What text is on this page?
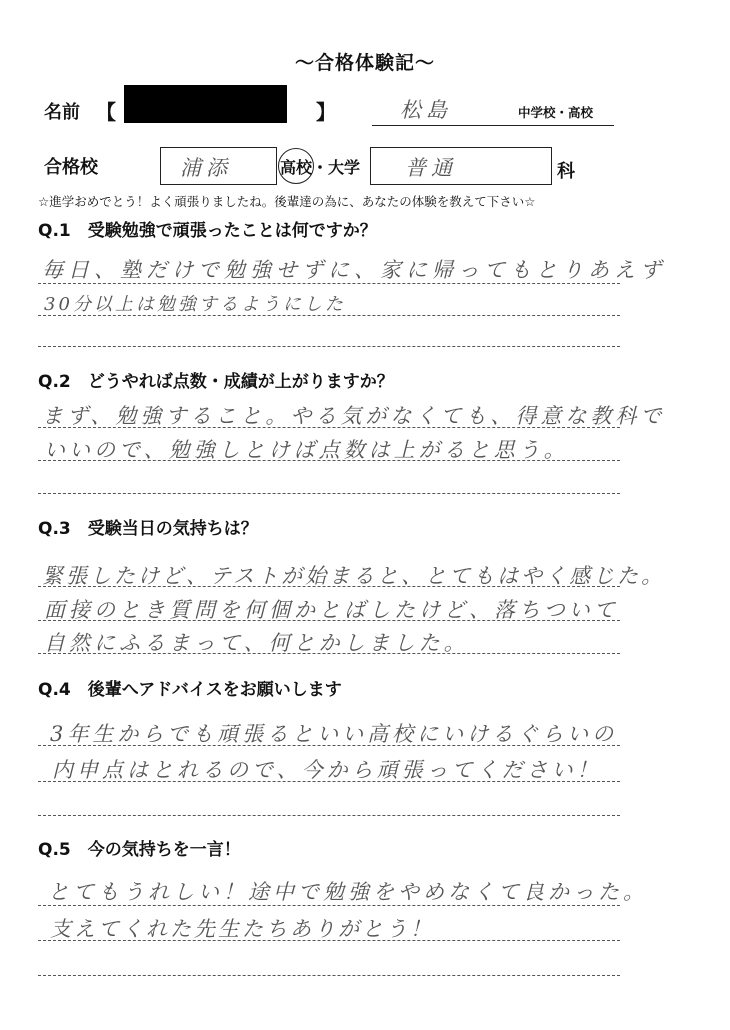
～合格体験記～
名前 【	】	松島	中学校・高校
合格校	浦添	高校・大学 普通	科
☆進学おめでとう！よく頑張りましたね。後輩達の為に、あなたの体験を教えて下さい☆
Q.1　受験勉強で頑張ったことは何ですか？
毎日、塾だけで勉強せずに、家に帰ってもとりあえず
30分以上は勉強するようにした
Q.2　どうやれば点数・成績が上がりますか？
まず、勉強すること。やる気がなくても、得意な教科で
いいので、勉強しとけば点数は上がると思う。
Q.3　受験当日の気持ちは？
緊張したけど、テストが始まると、とてもはやく感じた。
面接のとき質問を何個かとばしたけど、落ちついて
自然にふるまって、何とかしました。
Q.4　後輩へアドバイスをお願いします
3年生からでも頑張るといい高校にいけるぐらいの
内申点はとれるので、今から頑張ってください！
Q.5　今の気持ちを一言！
とてもうれしい！途中で勉強をやめなくて良かった。
支えてくれた先生たちありがとう！
